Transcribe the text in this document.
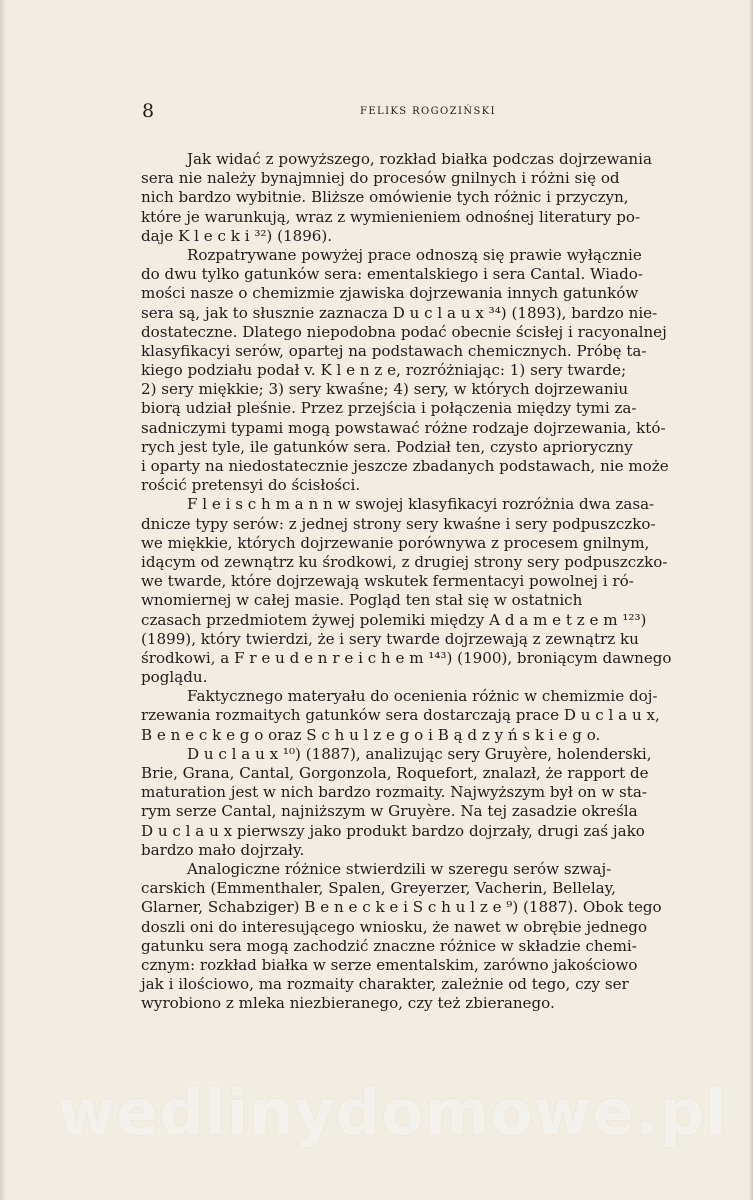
8	FELIKS ROGOZIŃSKI

Jak widać z powyższego, rozkład białka podczas dojrzewania
sera nie należy bynajmniej do procesów gnilnych i różni się od
nich bardzo wybitnie. Bliższe omówienie tych różnic i przyczyn,
które je warunkują, wraz z wymienieniem odnośnej literatury po-
daje K l e c k i ³²) (1896).

Rozpatrywane powyżej prace odnoszą się prawie wyłącznie
do dwu tylko gatunków sera: ementalskiego i sera Cantal. Wiado-
mości nasze o chemizmie zjawiska dojrzewania innych gatunków
sera są, jak to słusznie zaznacza D u c l a u x ³⁴) (1893), bardzo nie-
dostateczne. Dlatego niepodobna podać obecnie ścisłej i racyonalnej
klasyfikacyi serów, opartej na podstawach chemicznych. Próbę ta-
kiego podziału podał v. K l e n z e, rozróżniając: 1) sery twarde;
2) sery miękkie; 3) sery kwaśne; 4) sery, w których dojrzewaniu
biorą udział pleśnie. Przez przejścia i połączenia między tymi za-
sadniczymi typami mogą powstawać różne rodzaje dojrzewania, któ-
rych jest tyle, ile gatunków sera. Podział ten, czysto aprioryczny
i oparty na niedostatecznie jeszcze zbadanych podstawach, nie może
rościć pretensyi do ścisłości.

F l e i s c h m a n n w swojej klasyfikacyi rozróżnia dwa zasa-
dnicze typy serów: z jednej strony sery kwaśne i sery podpuszczko-
we miękkie, których dojrzewanie porównywa z procesem gnilnym,
idącym od zewnątrz ku środkowi, z drugiej strony sery podpuszczko-
we twarde, które dojrzewają wskutek fermentacyi powolnej i ró-
wnomiernej w całej masie. Pogląd ten stał się w ostatnich
czasach przedmiotem żywej polemiki między A d a m e t z e m ¹²³)
(1899), który twierdzi, że i sery twarde dojrzewają z zewnątrz ku
środkowi, a F r e u d e n r e i c h e m ¹⁴³) (1900), broniącym dawnego
poglądu.

Faktycznego materyału do ocenienia różnic w chemizmie doj-
rzewania rozmaitych gatunków sera dostarczają prace D u c l a u x,
B e n e c k e g o oraz S c h u l z e g o i B ą d z y ń s k i e g o.

D u c l a u x ¹⁰) (1887), analizując sery Gruyère, holenderski,
Brie, Grana, Cantal, Gorgonzola, Roquefort, znalazł, że rapport de
maturation jest w nich bardzo rozmaity. Najwyższym był on w sta-
rym serze Cantal, najniższym w Gruyère. Na tej zasadzie określa
D u c l a u x pierwszy jako produkt bardzo dojrzały, drugi zaś jako
bardzo mało dojrzały.

Analogiczne różnice stwierdzili w szeregu serów szwaj-
carskich (Emmenthaler, Spalen, Greyerzer, Vacherin, Bellelay,
Glarner, Schabziger) B e n e c k e i S c h u l z e ⁹) (1887). Obok tego
doszli oni do interesującego wniosku, że nawet w obrębie jednego
gatunku sera mogą zachodzić znaczne różnice w składzie chemi-
cznym: rozkład białka w serze ementalskim, zarówno jakościowo
jak i ilościowo, ma rozmaity charakter, zależnie od tego, czy ser
wyrobiono z mleka niezbieranego, czy też zbieranego.

wedlinydomowe.pl
